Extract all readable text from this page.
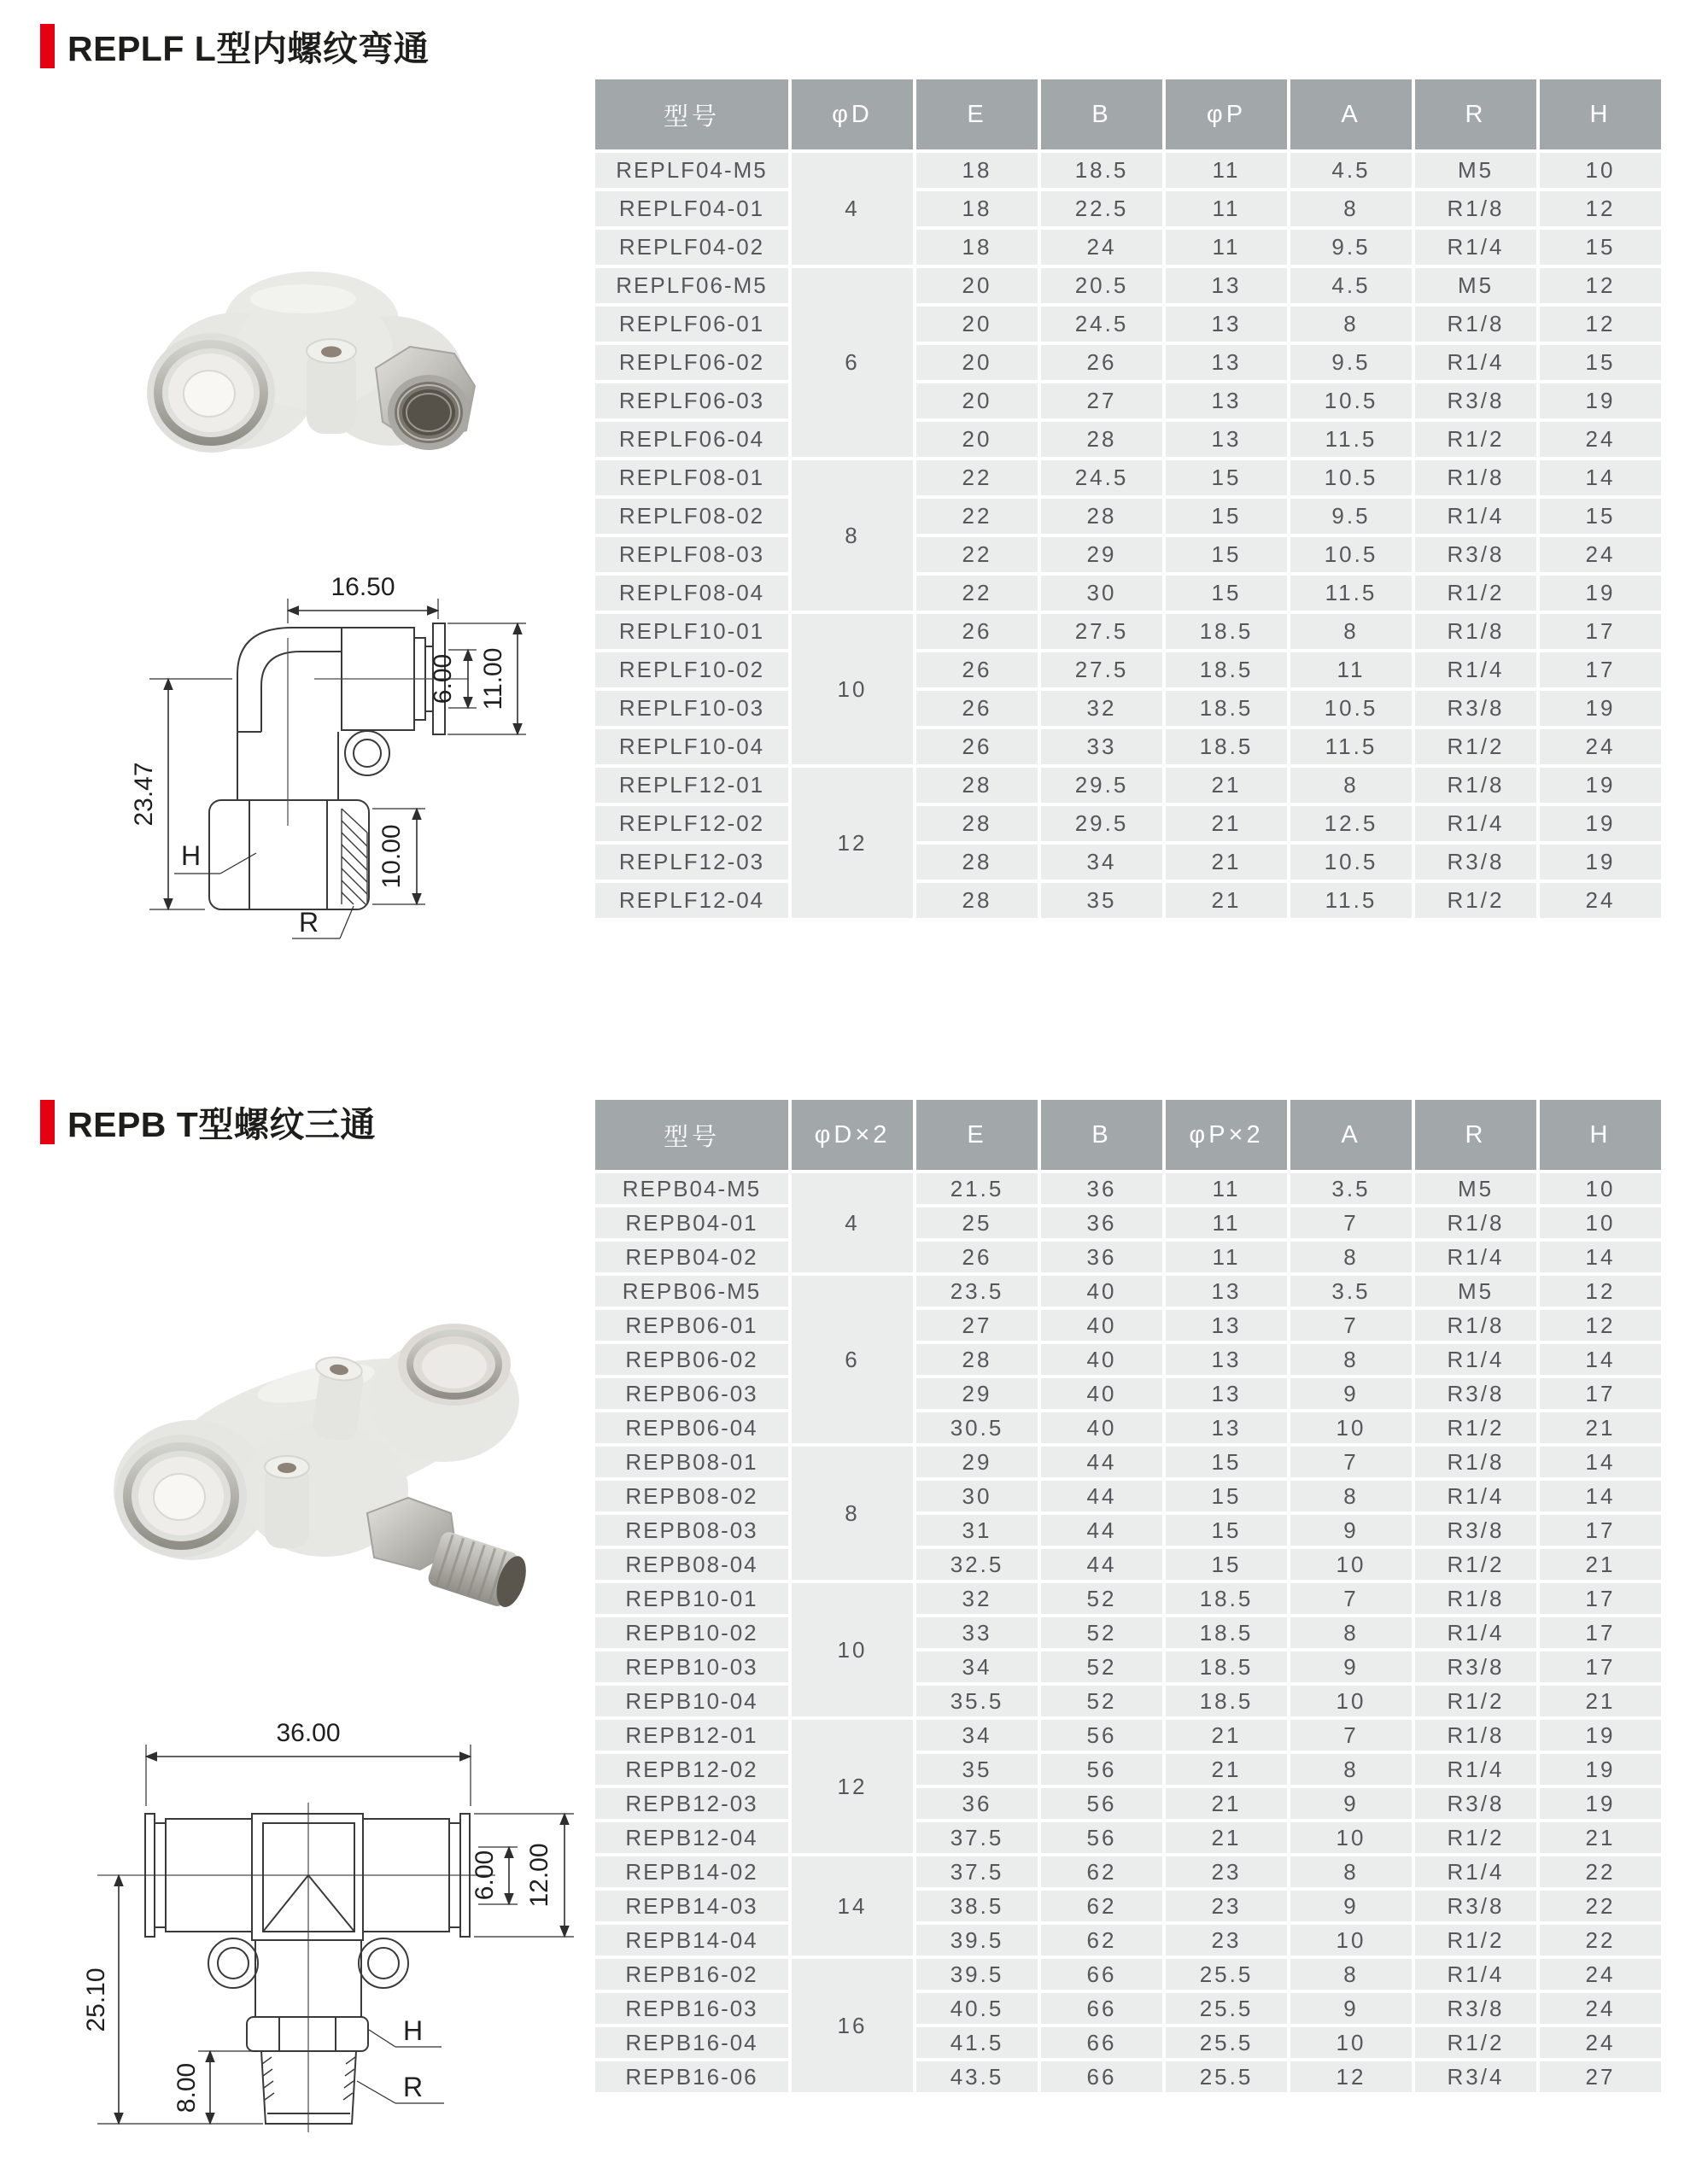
REPLF L型内螺纹弯通
16.50
6.00 11.00
23.47
10.00
H
R
型号	φD	E	B	φP	A	R	H
REPLF04-M5	4	18	18.5	11	4.5	M5	10
REPLF04-01		18	22.5	11	8	R1/8	12
REPLF04-02		18	24	11	9.5	R1/4	15
REPLF06-M5	6	20	20.5	13	4.5	M5	12
REPLF06-01		20	24.5	13	8	R1/8	12
REPLF06-02		20	26	13	9.5	R1/4	15
REPLF06-03		20	27	13	10.5	R3/8	19
REPLF06-04		20	28	13	11.5	R1/2	24
REPLF08-01	8	22	24.5	15	10.5	R1/8	14
REPLF08-02		22	28	15	9.5	R1/4	15
REPLF08-03		22	29	15	10.5	R3/8	24
REPLF08-04		22	30	15	11.5	R1/2	19
REPLF10-01	10	26	27.5	18.5	8	R1/8	17
REPLF10-02		26	27.5	18.5	11	R1/4	17
REPLF10-03		26	32	18.5	10.5	R3/8	19
REPLF10-04		26	33	18.5	11.5	R1/2	24
REPLF12-01	12	28	29.5	21	8	R1/8	19
REPLF12-02		28	29.5	21	12.5	R1/4	19
REPLF12-03		28	34	21	10.5	R3/8	19
REPLF12-04		28	35	21	11.5	R1/2	24
REPB T型螺纹三通
36.00
6.00 12.00
25.10
8.00
H
R
型号	φD×2	E	B	φP×2	A	R	H
REPB04-M5	4	21.5	36	11	3.5	M5	10
REPB04-01		25	36	11	7	R1/8	10
REPB04-02		26	36	11	8	R1/4	14
REPB06-M5	6	23.5	40	13	3.5	M5	12
REPB06-01		27	40	13	7	R1/8	12
REPB06-02		28	40	13	8	R1/4	14
REPB06-03		29	40	13	9	R3/8	17
REPB06-04		30.5	40	13	10	R1/2	21
REPB08-01	8	29	44	15	7	R1/8	14
REPB08-02		30	44	15	8	R1/4	14
REPB08-03		31	44	15	9	R3/8	17
REPB08-04		32.5	44	15	10	R1/2	21
REPB10-01	10	32	52	18.5	7	R1/8	17
REPB10-02		33	52	18.5	8	R1/4	17
REPB10-03		34	52	18.5	9	R3/8	17
REPB10-04		35.5	52	18.5	10	R1/2	21
REPB12-01	12	34	56	21	7	R1/8	19
REPB12-02		35	56	21	8	R1/4	19
REPB12-03		36	56	21	9	R3/8	19
REPB12-04		37.5	56	21	10	R1/2	21
REPB14-02	14	37.5	62	23	8	R1/4	22
REPB14-03		38.5	62	23	9	R3/8	22
REPB14-04		39.5	62	23	10	R1/2	22
REPB16-02	16	39.5	66	25.5	8	R1/4	24
REPB16-03		40.5	66	25.5	9	R3/8	24
REPB16-04		41.5	66	25.5	10	R1/2	24
REPB16-06		43.5	66	25.5	12	R3/4	27
